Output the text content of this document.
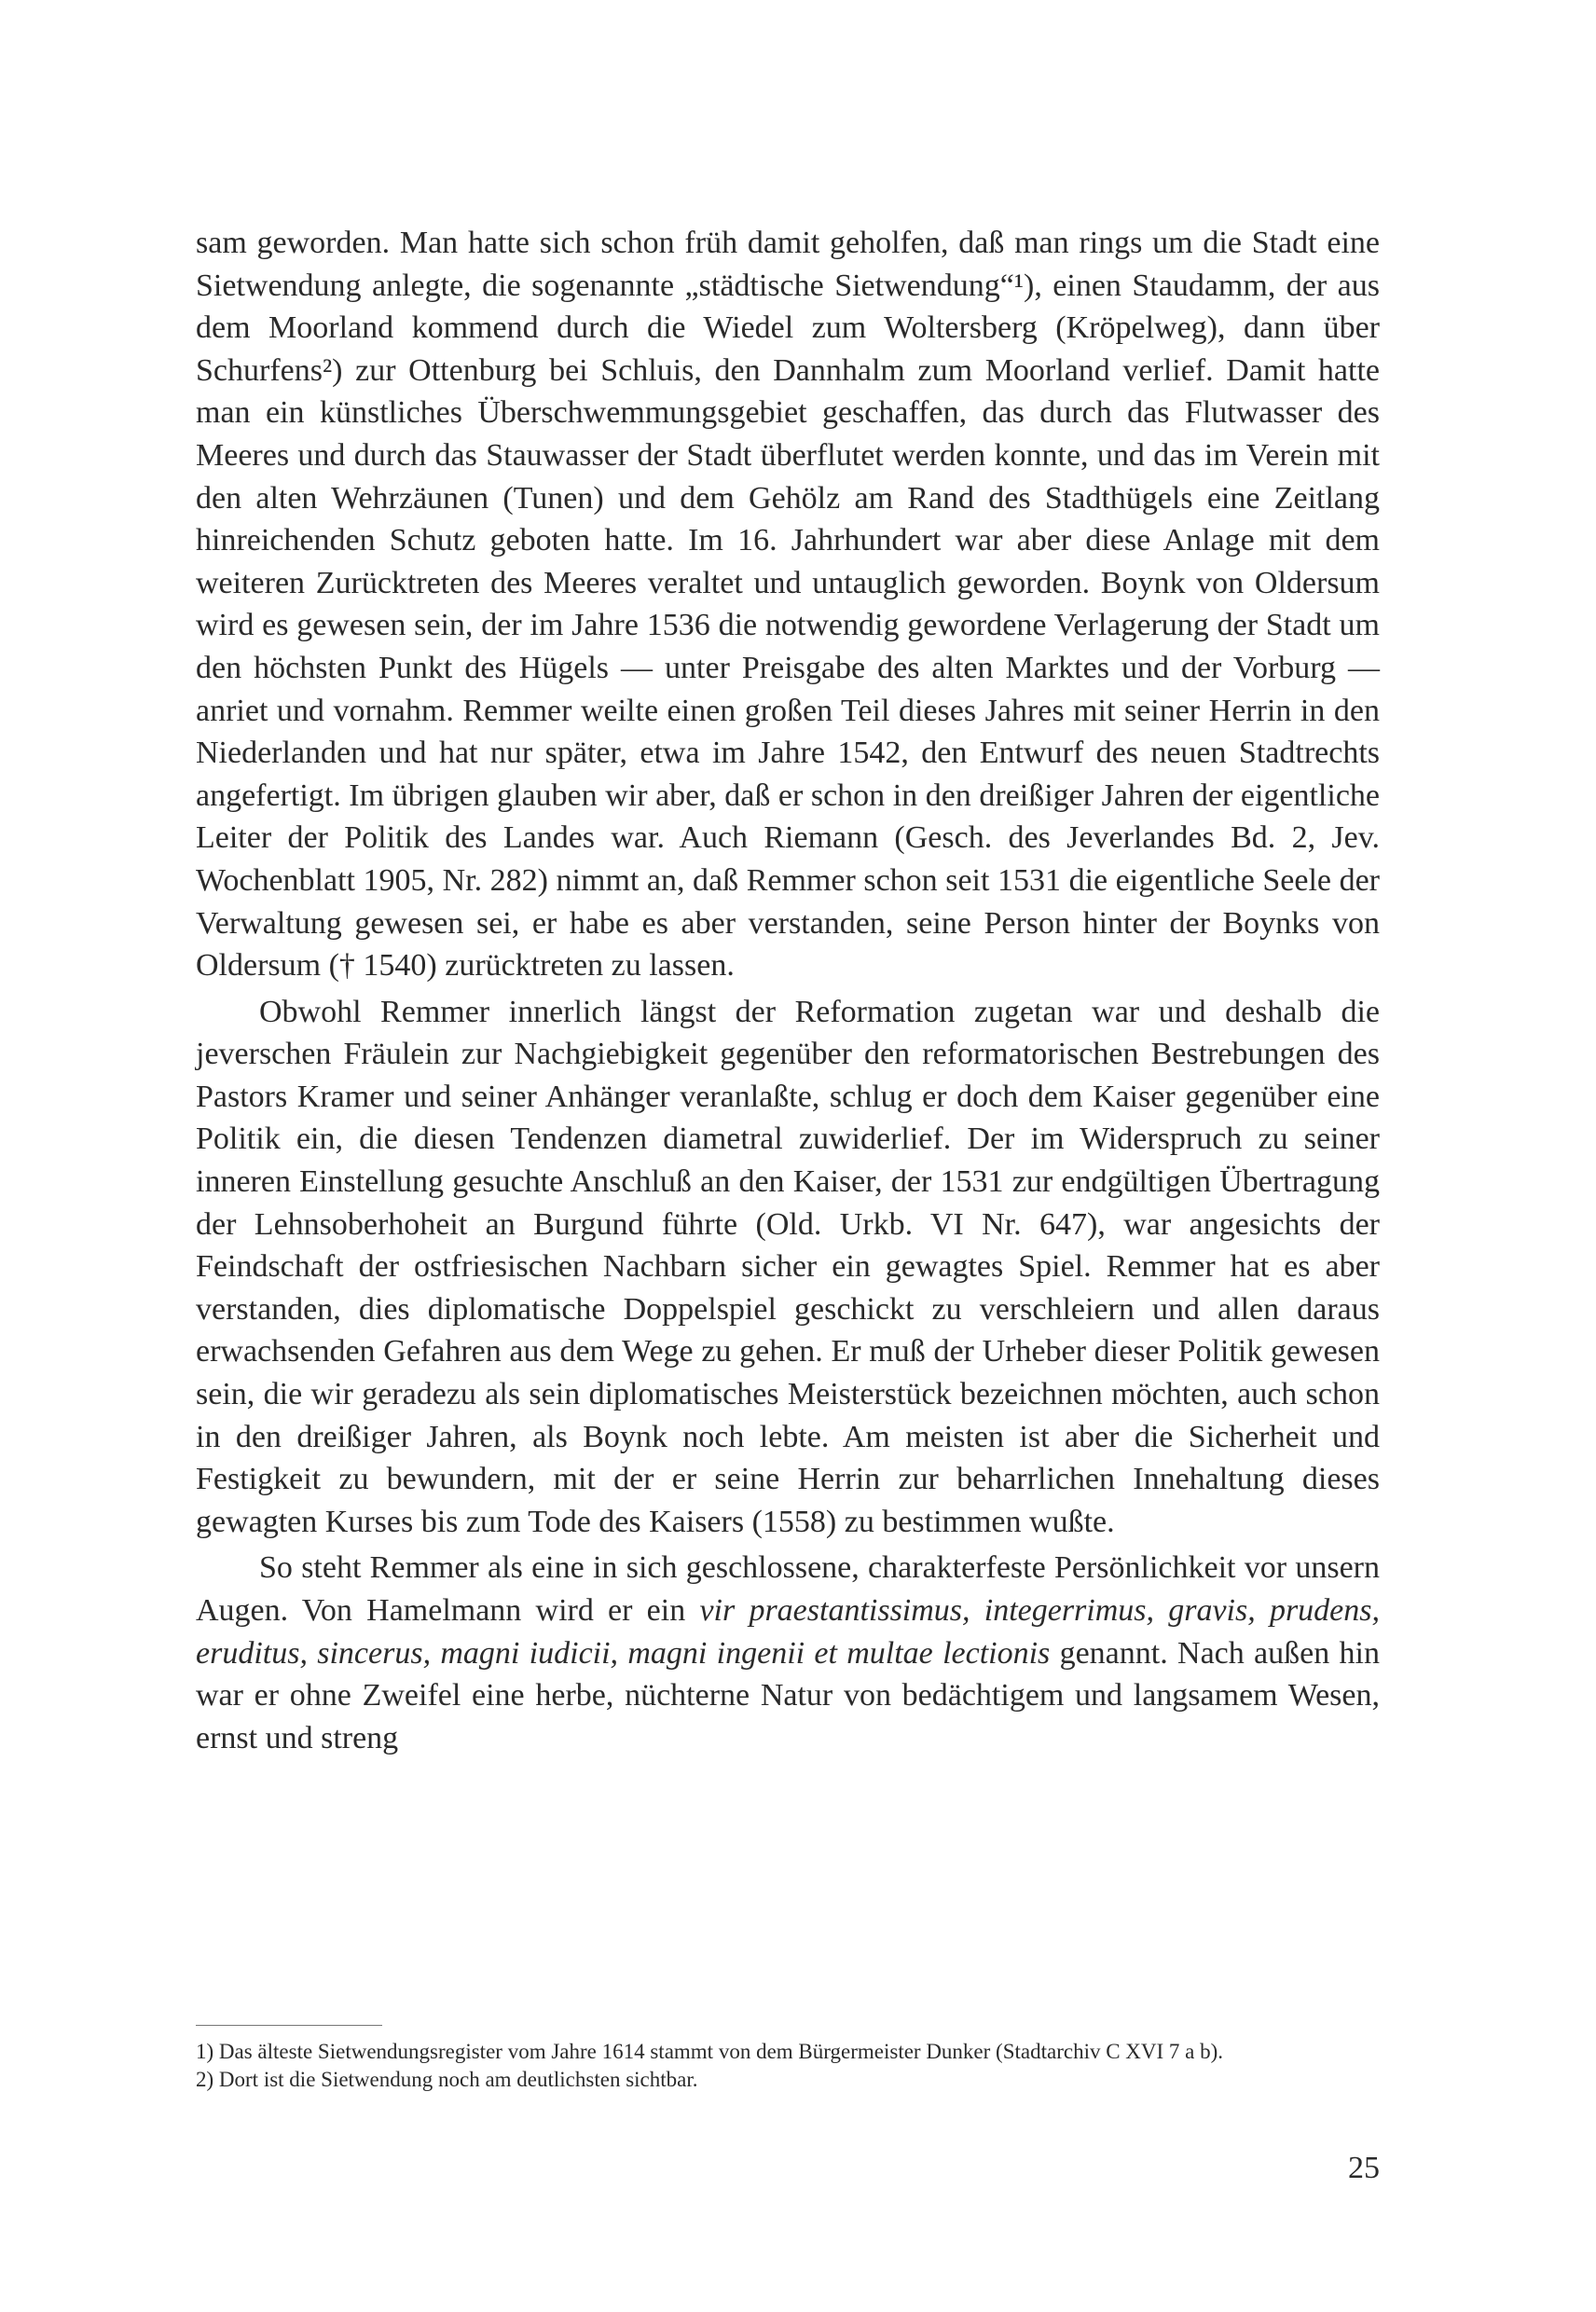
sam geworden. Man hatte sich schon früh damit geholfen, daß man rings um die Stadt eine Sietwendung anlegte, die sogenannte „städtische Sietwendung“¹), einen Staudamm, der aus dem Moorland kommend durch die Wiedel zum Woltersberg (Kröpelweg), dann über Schurfens²) zur Ottenburg bei Schluis, den Dannhalm zum Moorland verlief. Damit hatte man ein künstliches Überschwemmungsgebiet geschaffen, das durch das Flutwasser des Meeres und durch das Stauwasser der Stadt überflutet werden konnte, und das im Verein mit den alten Wehrzäunen (Tunen) und dem Gehölz am Rand des Stadthügels eine Zeitlang hinreichenden Schutz geboten hatte. Im 16. Jahrhundert war aber diese Anlage mit dem weiteren Zurücktreten des Meeres veraltet und untauglich geworden. Boynk von Oldersum wird es gewesen sein, der im Jahre 1536 die notwendig gewordene Verlagerung der Stadt um den höchsten Punkt des Hügels — unter Preisgabe des alten Marktes und der Vorburg — anriet und vornahm. Remmer weilte einen großen Teil dieses Jahres mit seiner Herrin in den Niederlanden und hat nur später, etwa im Jahre 1542, den Entwurf des neuen Stadtrechts angefertigt. Im übrigen glauben wir aber, daß er schon in den dreißiger Jahren der eigentliche Leiter der Politik des Landes war. Auch Riemann (Gesch. des Jeverlandes Bd. 2, Jev. Wochenblatt 1905, Nr. 282) nimmt an, daß Remmer schon seit 1531 die eigentliche Seele der Verwaltung gewesen sei, er habe es aber verstanden, seine Person hinter der Boynks von Oldersum († 1540) zurücktreten zu lassen.

Obwohl Remmer innerlich längst der Reformation zugetan war und deshalb die jeverschen Fräulein zur Nachgiebigkeit gegenüber den reformatorischen Bestrebungen des Pastors Kramer und seiner Anhänger veranlaßte, schlug er doch dem Kaiser gegenüber eine Politik ein, die diesen Tendenzen diametral zuwiderlief. Der im Widerspruch zu seiner inneren Einstellung gesuchte Anschluß an den Kaiser, der 1531 zur endgültigen Übertragung der Lehnsoberhoheit an Burgund führte (Old. Urkb. VI Nr. 647), war angesichts der Feindschaft der ostfriesischen Nachbarn sicher ein gewagtes Spiel. Remmer hat es aber verstanden, dies diplomatische Doppelspiel geschickt zu verschleiern und allen daraus erwachsenden Gefahren aus dem Wege zu gehen. Er muß der Urheber dieser Politik gewesen sein, die wir geradezu als sein diplomatisches Meisterstück bezeichnen möchten, auch schon in den dreißiger Jahren, als Boynk noch lebte. Am meisten ist aber die Sicherheit und Festigkeit zu bewundern, mit der er seine Herrin zur beharrlichen Innehaltung dieses gewagten Kurses bis zum Tode des Kaisers (1558) zu bestimmen wußte.

So steht Remmer als eine in sich geschlossene, charakterfeste Persönlichkeit vor unsern Augen. Von Hamelmann wird er ein vir praestantissimus, integerrimus, gravis, prudens, eruditus, sincerus, magni iudicii, magni ingenii et multae lectionis genannt. Nach außen hin war er ohne Zweifel eine herbe, nüchterne Natur von bedächtigem und langsamem Wesen, ernst und streng

1) Das älteste Sietwendungsregister vom Jahre 1614 stammt von dem Bürgermeister Dunker (Stadtarchiv C XVI 7 a b).

2) Dort ist die Sietwendung noch am deutlichsten sichtbar.

25
